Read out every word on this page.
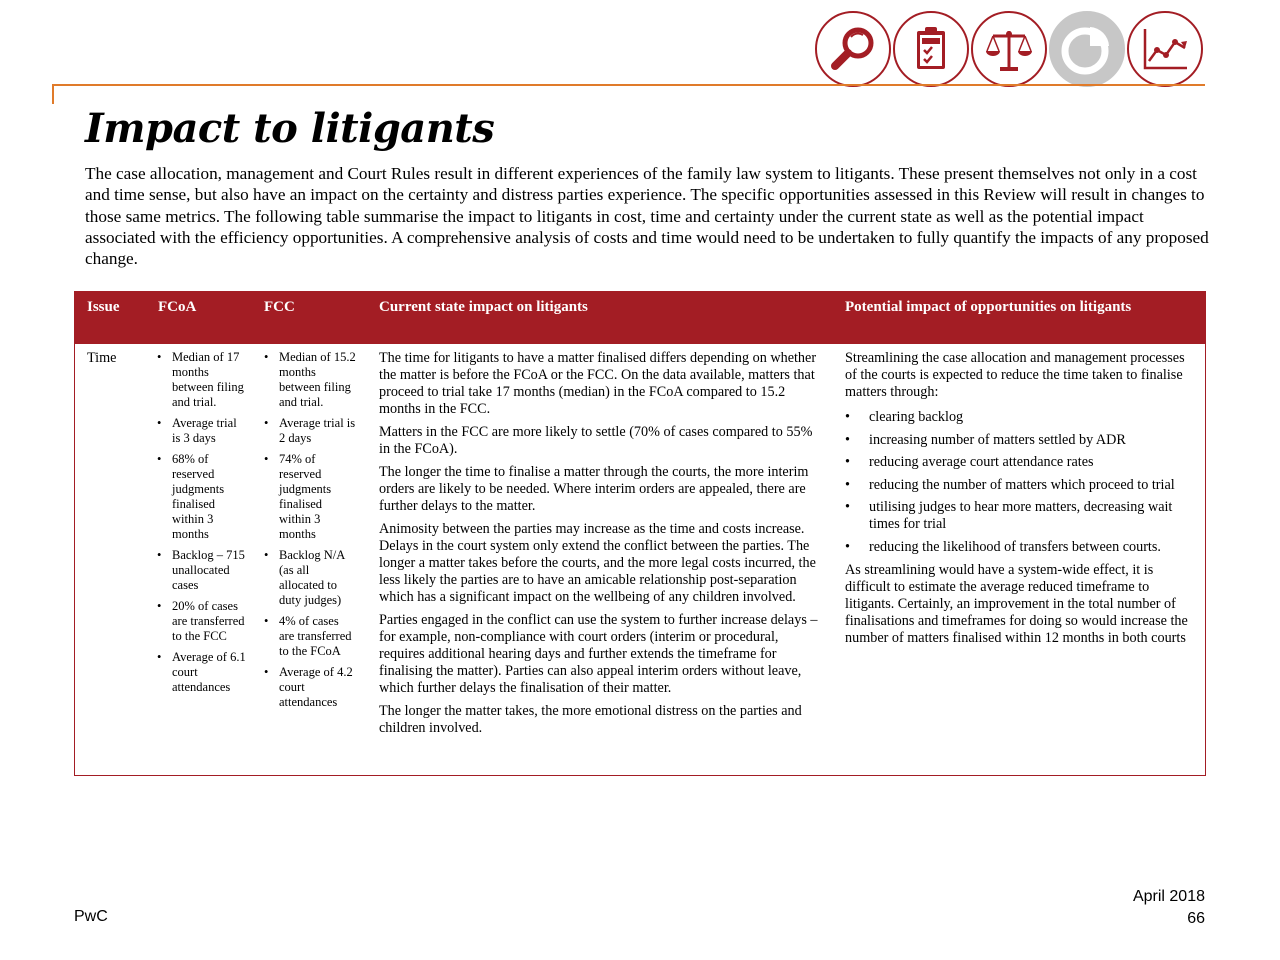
Impact to litigants

The case allocation, management and Court Rules result in different experiences of the family law system to litigants. These present themselves not only in a cost and time sense, but also have an impact on the certainty and distress parties experience. The specific opportunities assessed in this Review will result in changes to those same metrics. The following table summarise the impact to litigants in cost, time and certainty under the current state as well as the potential impact associated with the efficiency opportunities. A comprehensive analysis of costs and time would need to be undertaken to fully quantify the impacts of any proposed change.

Issue	FCoA	FCC	Current state impact on litigants	Potential impact of opportunities on litigants
Time
•	Median of 17 months between filing and trial.
• Average trial is 3 days
• 68% of reserved judgments finalised within 3 months
• Backlog – 715 unallocated cases
• 20% of cases are transferred to the FCC
• Average of 6.1 court attendances
• Median of 15.2 months between filing and trial.
• Average trial is 2 days
• 74% of reserved judgments finalised within 3 months
• Backlog N/A (as all allocated to duty judges)
• 4% of cases are transferred to the FCoA
• Average of 4.2 court attendances

The time for litigants to have a matter finalised differs depending on whether the matter is before the FCoA or the FCC. On the data available, matters that proceed to trial take 17 months (median) in the FCoA compared to 15.2 months in the FCC.

Matters in the FCC are more likely to settle (70% of cases compared to 55% in the FCoA).

The longer the time to finalise a matter through the courts, the more interim orders are likely to be needed. Where interim orders are appealed, there are further delays to the matter.

Animosity between the parties may increase as the time and costs increase. Delays in the court system only extend the conflict between the parties. The longer a matter takes before the courts, and the more legal costs incurred, the less likely the parties are to have an amicable relationship post-separation which has a significant impact on the wellbeing of any children involved.

Parties engaged in the conflict can use the system to further increase delays – for example, non-compliance with court orders (interim or procedural, requires additional hearing days and further extends the timeframe for finalising the matter). Parties can also appeal interim orders without leave, which further delays the finalisation of their matter.

The longer the matter takes, the more emotional distress on the parties and children involved.

Streamlining the case allocation and management processes of the courts is expected to reduce the time taken to finalise matters through:

• clearing backlog
• increasing number of matters settled by ADR
• reducing average court attendance rates
• reducing the number of matters which proceed to trial
• utilising judges to hear more matters, decreasing wait times for trial
• reducing the likelihood of transfers between courts.

As streamlining would have a system-wide effect, it is difficult to estimate the average reduced timeframe to litigants. Certainly, an improvement in the total number of finalisations and timeframes for doing so would increase the number of matters finalised within 12 months in both courts

PwC
April 2018
66
